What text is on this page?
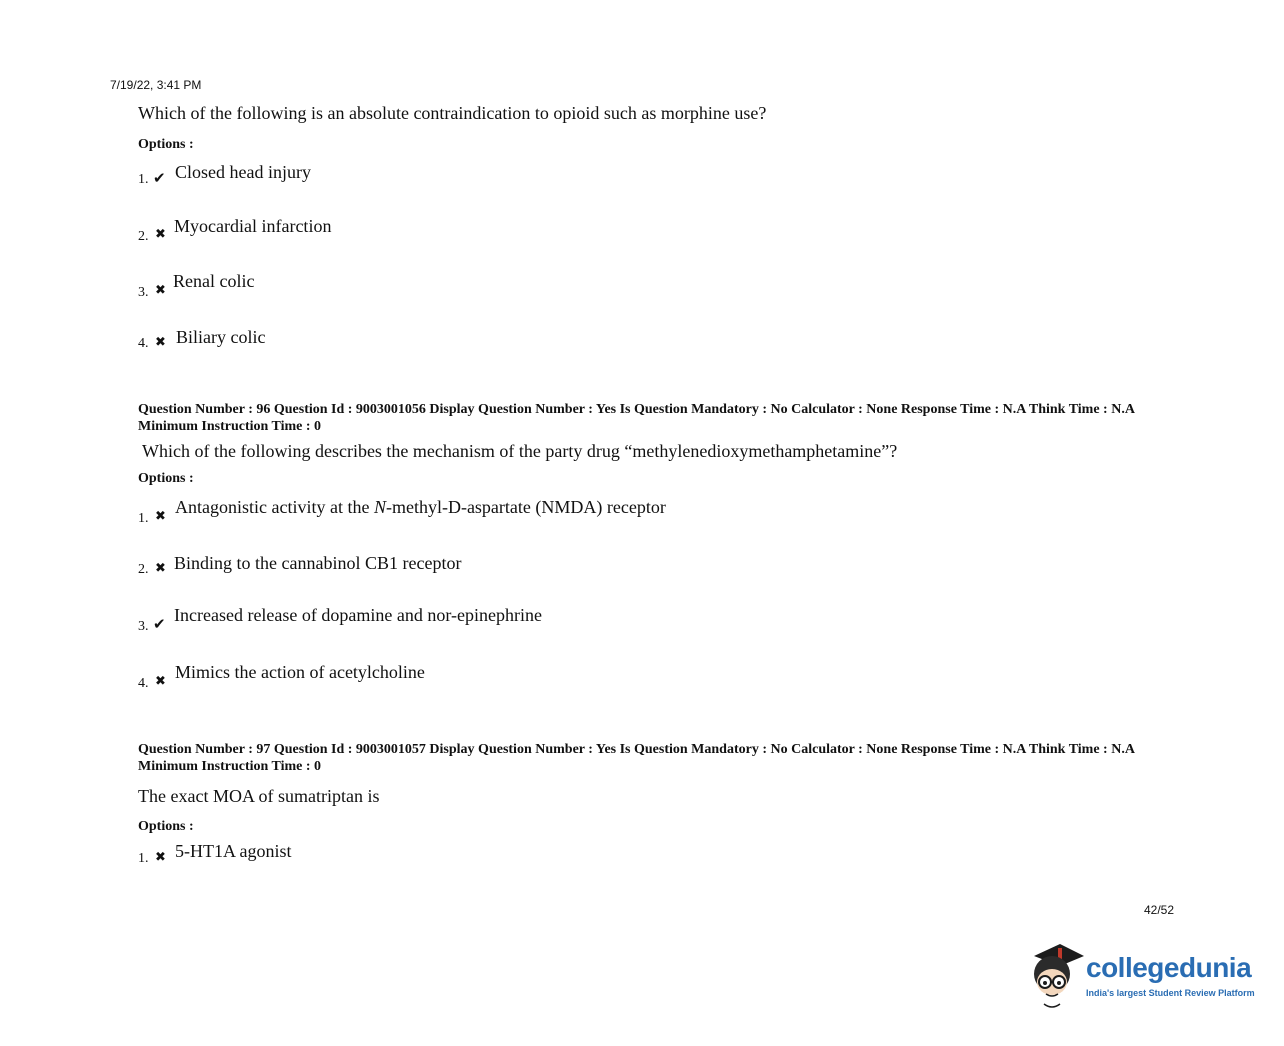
7/19/22, 3:41 PM
Which of the following is an absolute contraindication to opioid such as morphine use?
Options :
1. ✔ Closed head injury
2. ✖ Myocardial infarction
3. ✖ Renal colic
4. ✖ Biliary colic
Question Number : 96 Question Id : 9003001056 Display Question Number : Yes Is Question Mandatory : No Calculator : None Response Time : N.A Think Time : N.A Minimum Instruction Time : 0
Which of the following describes the mechanism of the party drug “methylenedioxymethamphetamine”?
Options :
1. ✖ Antagonistic activity at the N-methyl-D-aspartate (NMDA) receptor
2. ✖ Binding to the cannabinol CB1 receptor
3. ✔ Increased release of dopamine and nor-epinephrine
4. ✖ Mimics the action of acetylcholine
Question Number : 97 Question Id : 9003001057 Display Question Number : Yes Is Question Mandatory : No Calculator : None Response Time : N.A Think Time : N.A Minimum Instruction Time : 0
The exact MOA of sumatriptan is
Options :
1. ✖ 5-HT1A agonist
42/52
collegedunia
India's largest Student Review Platform
